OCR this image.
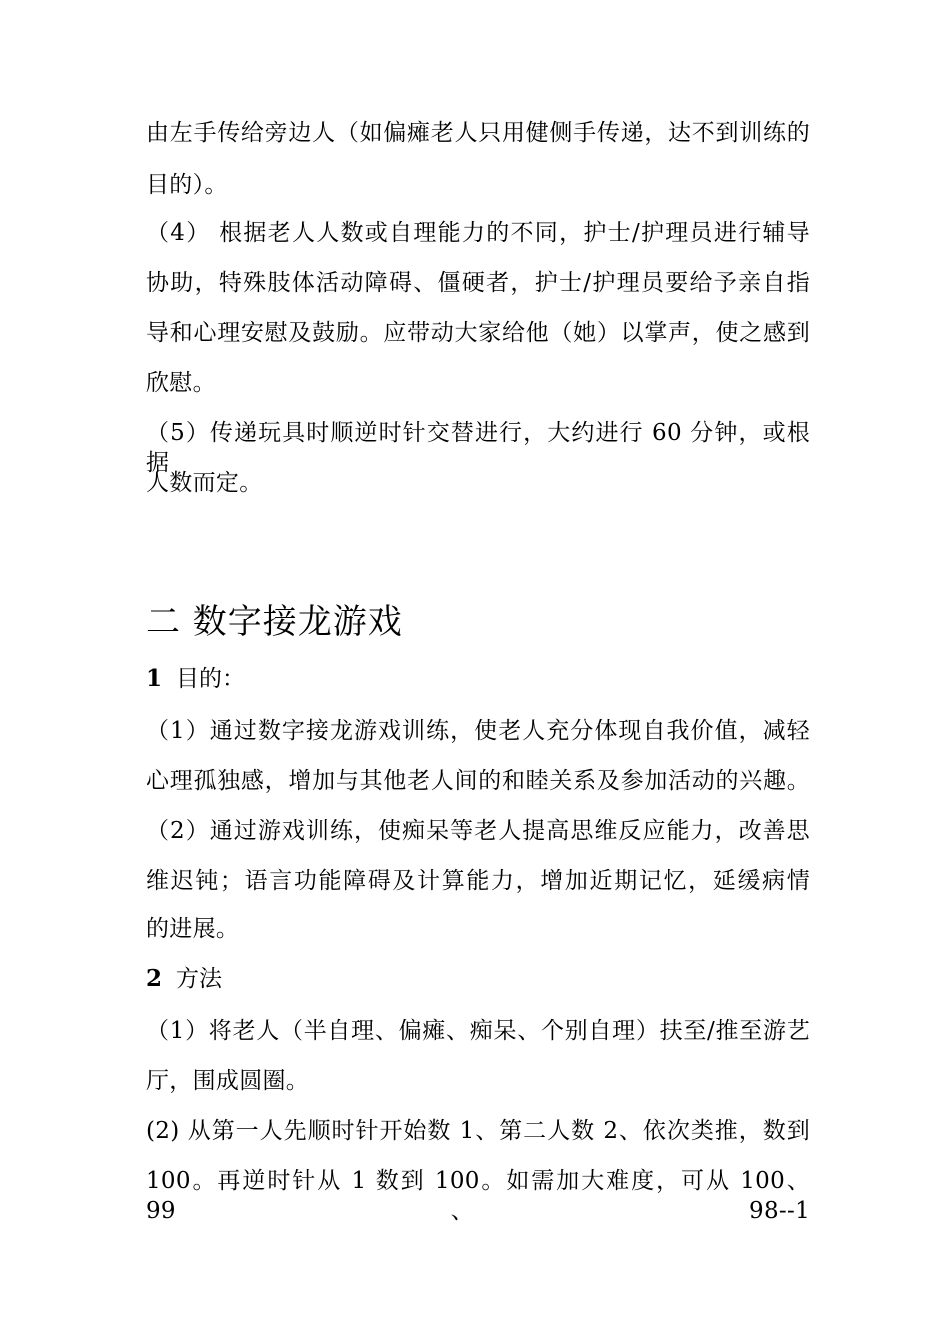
由左手传给旁边人（如偏瘫老人只用健侧手传递，达不到训练的
目的）。
（4） 根据老人人数或自理能力的不同，护士/护理员进行辅导
协助，特殊肢体活动障碍、僵硬者，护士/护理员要给予亲自指
导和心理安慰及鼓励。应带动大家给他（她）以掌声，使之感到
欣慰。
（5）传递玩具时顺逆时针交替进行，大约进行 60 分钟，或根据
人数而定。
二 数字接龙游戏
1 目的：
（1）通过数字接龙游戏训练，使老人充分体现自我价值，减轻
心理孤独感，增加与其他老人间的和睦关系及参加活动的兴趣。
（2）通过游戏训练，使痴呆等老人提高思维反应能力，改善思
维迟钝；语言功能障碍及计算能力，增加近期记忆，延缓病情
的进展。
2 方法
（1）将老人（半自理、偏瘫、痴呆、个别自理）扶至/推至游艺
厅，围成圆圈。
(2) 从第一人先顺时针开始数 1、第二人数 2、依次类推，数到
100。再逆时针从 1 数到 100。如需加大难度，可从 100、99、98--1
